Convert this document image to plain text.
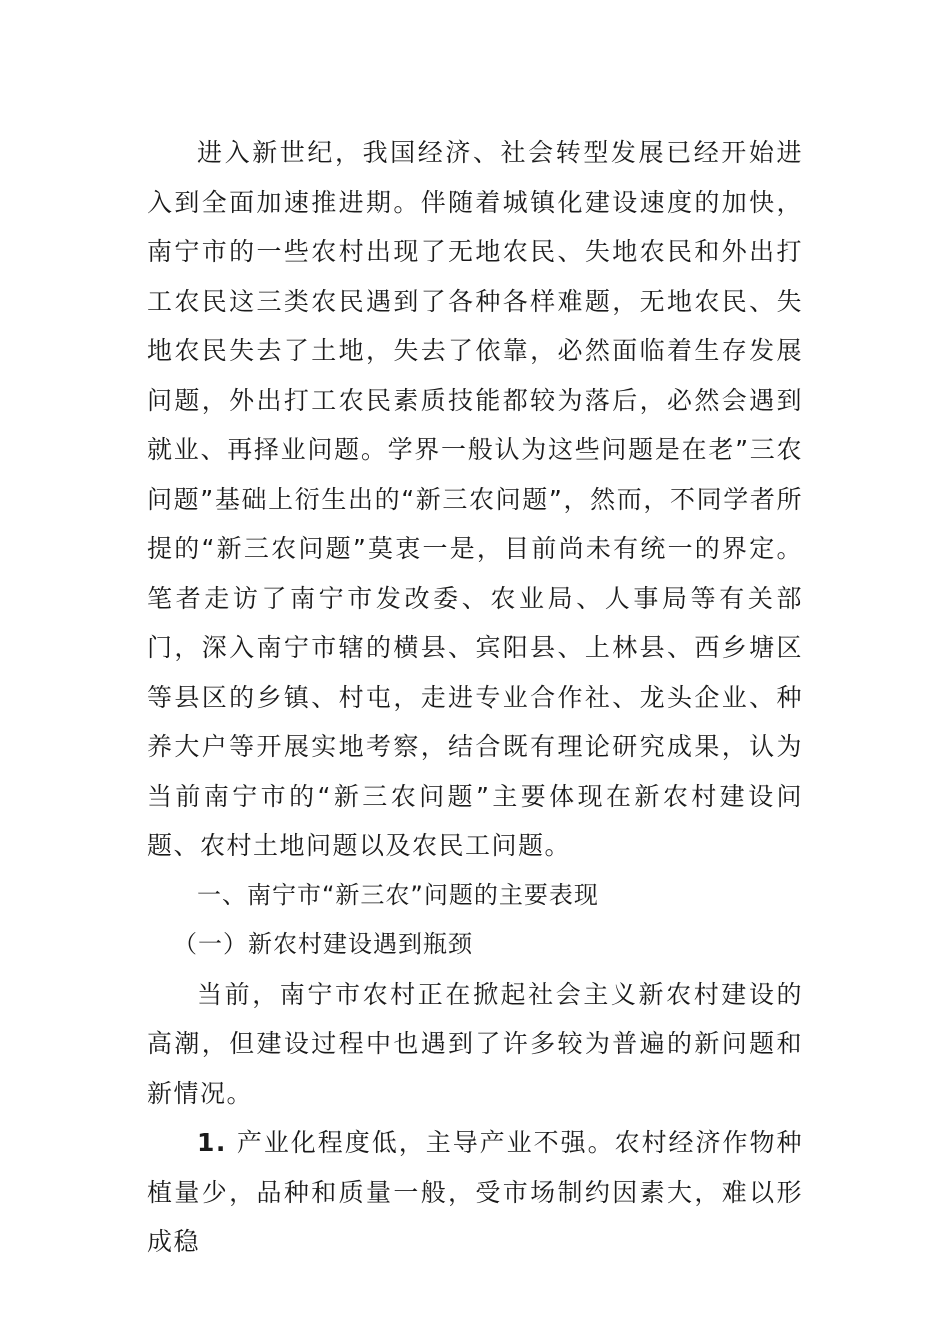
进入新世纪，我国经济、社会转型发展已经开始进入到全面加速推进期。伴随着城镇化建设速度的加快，南宁市的一些农村出现了无地农民、失地农民和外出打工农民这三类农民遇到了各种各样难题，无地农民、失地农民失去了土地，失去了依靠，必然面临着生存发展问题，外出打工农民素质技能都较为落后，必然会遇到就业、再择业问题。学界一般认为这些问题是在老”三农问题”基础上衍生出的“新三农问题”，然而，不同学者所提的“新三农问题”莫衷一是，目前尚未有统一的界定。笔者走访了南宁市发改委、农业局、人事局等有关部门，深入南宁市辖的横县、宾阳县、上林县、西乡塘区等县区的乡镇、村屯，走进专业合作社、龙头企业、种养大户等开展实地考察，结合既有理论研究成果，认为当前南宁市的“新三农问题”主要体现在新农村建设问题、农村土地问题以及农民工问题。

一、南宁市“新三农”问题的主要表现

（一）新农村建设遇到瓶颈

当前，南宁市农村正在掀起社会主义新农村建设的高潮，但建设过程中也遇到了许多较为普遍的新问题和新情况。

1. 产业化程度低，主导产业不强。农村经济作物种植量少，品种和质量一般，受市场制约因素大，难以形成稳
